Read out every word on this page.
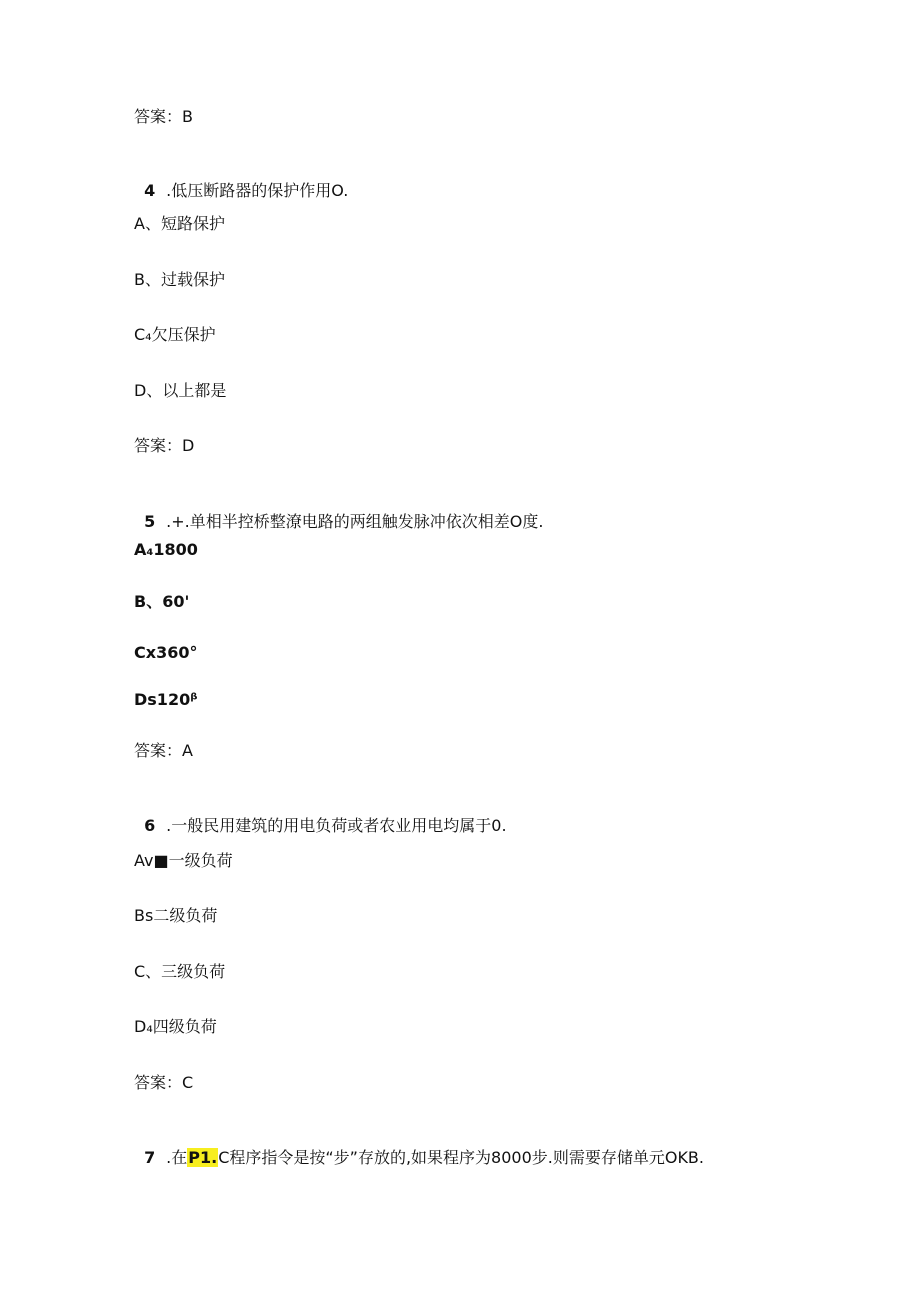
答案：B

4 .低压断路器的保护作用O.

A、短路保护
B、过载保护
C₄欠压保护
D、以上都是
答案：D

5 .+.单相半控桥整潦电路的两组触发脉冲依次相差O度.

A₄1800
B、60'
Cx360°
Ds120ᵝ
答案：A

6 .一般民用建筑的用电负荷或者农业用电均属于0.

Av■一级负荷
Bs二级负荷
C、三级负荷
D₄四级负荷
答案：C

7 .在P1.C程序指令是按“步”存放的,如果程序为8000步.则需要存储单元OKB.
